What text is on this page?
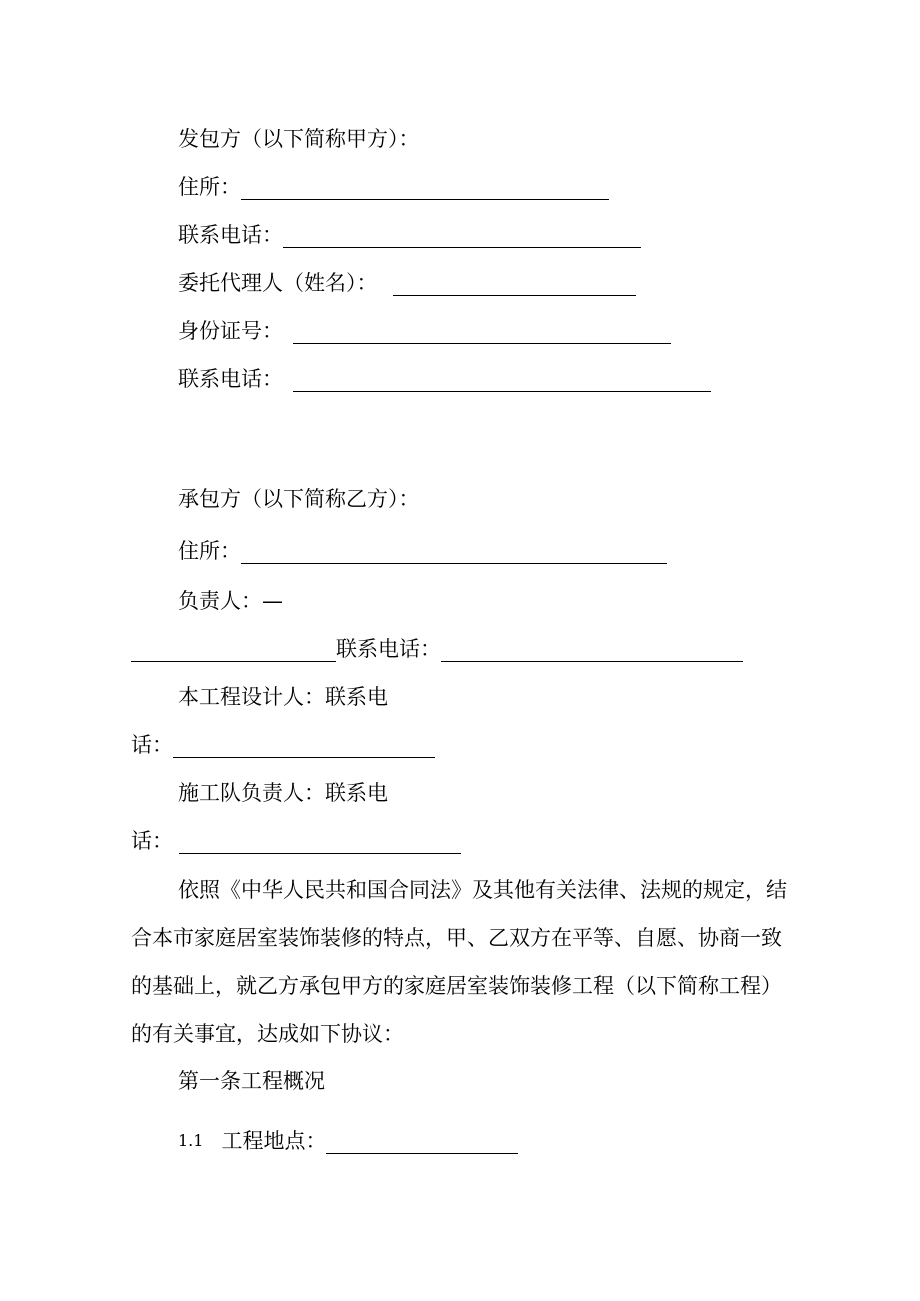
发包方（以下简称甲方）：
住所：
联系电话：
委托代理人（姓名）：
身份证号：
联系电话：
承包方（以下简称乙方）：
住所：
负责人：—
联系电话：
本工程设计人：联系电
话：
施工队负责人：联系电
话：
依照《中华人民共和国合同法》及其他有关法律、法规的规定，结合本市家庭居室装饰装修的特点，甲、乙双方在平等、自愿、协商一致的基础上，就乙方承包甲方的家庭居室装饰装修工程（以下简称工程）的有关事宜，达成如下协议：
第一条工程概况
1.1 工程地点：
